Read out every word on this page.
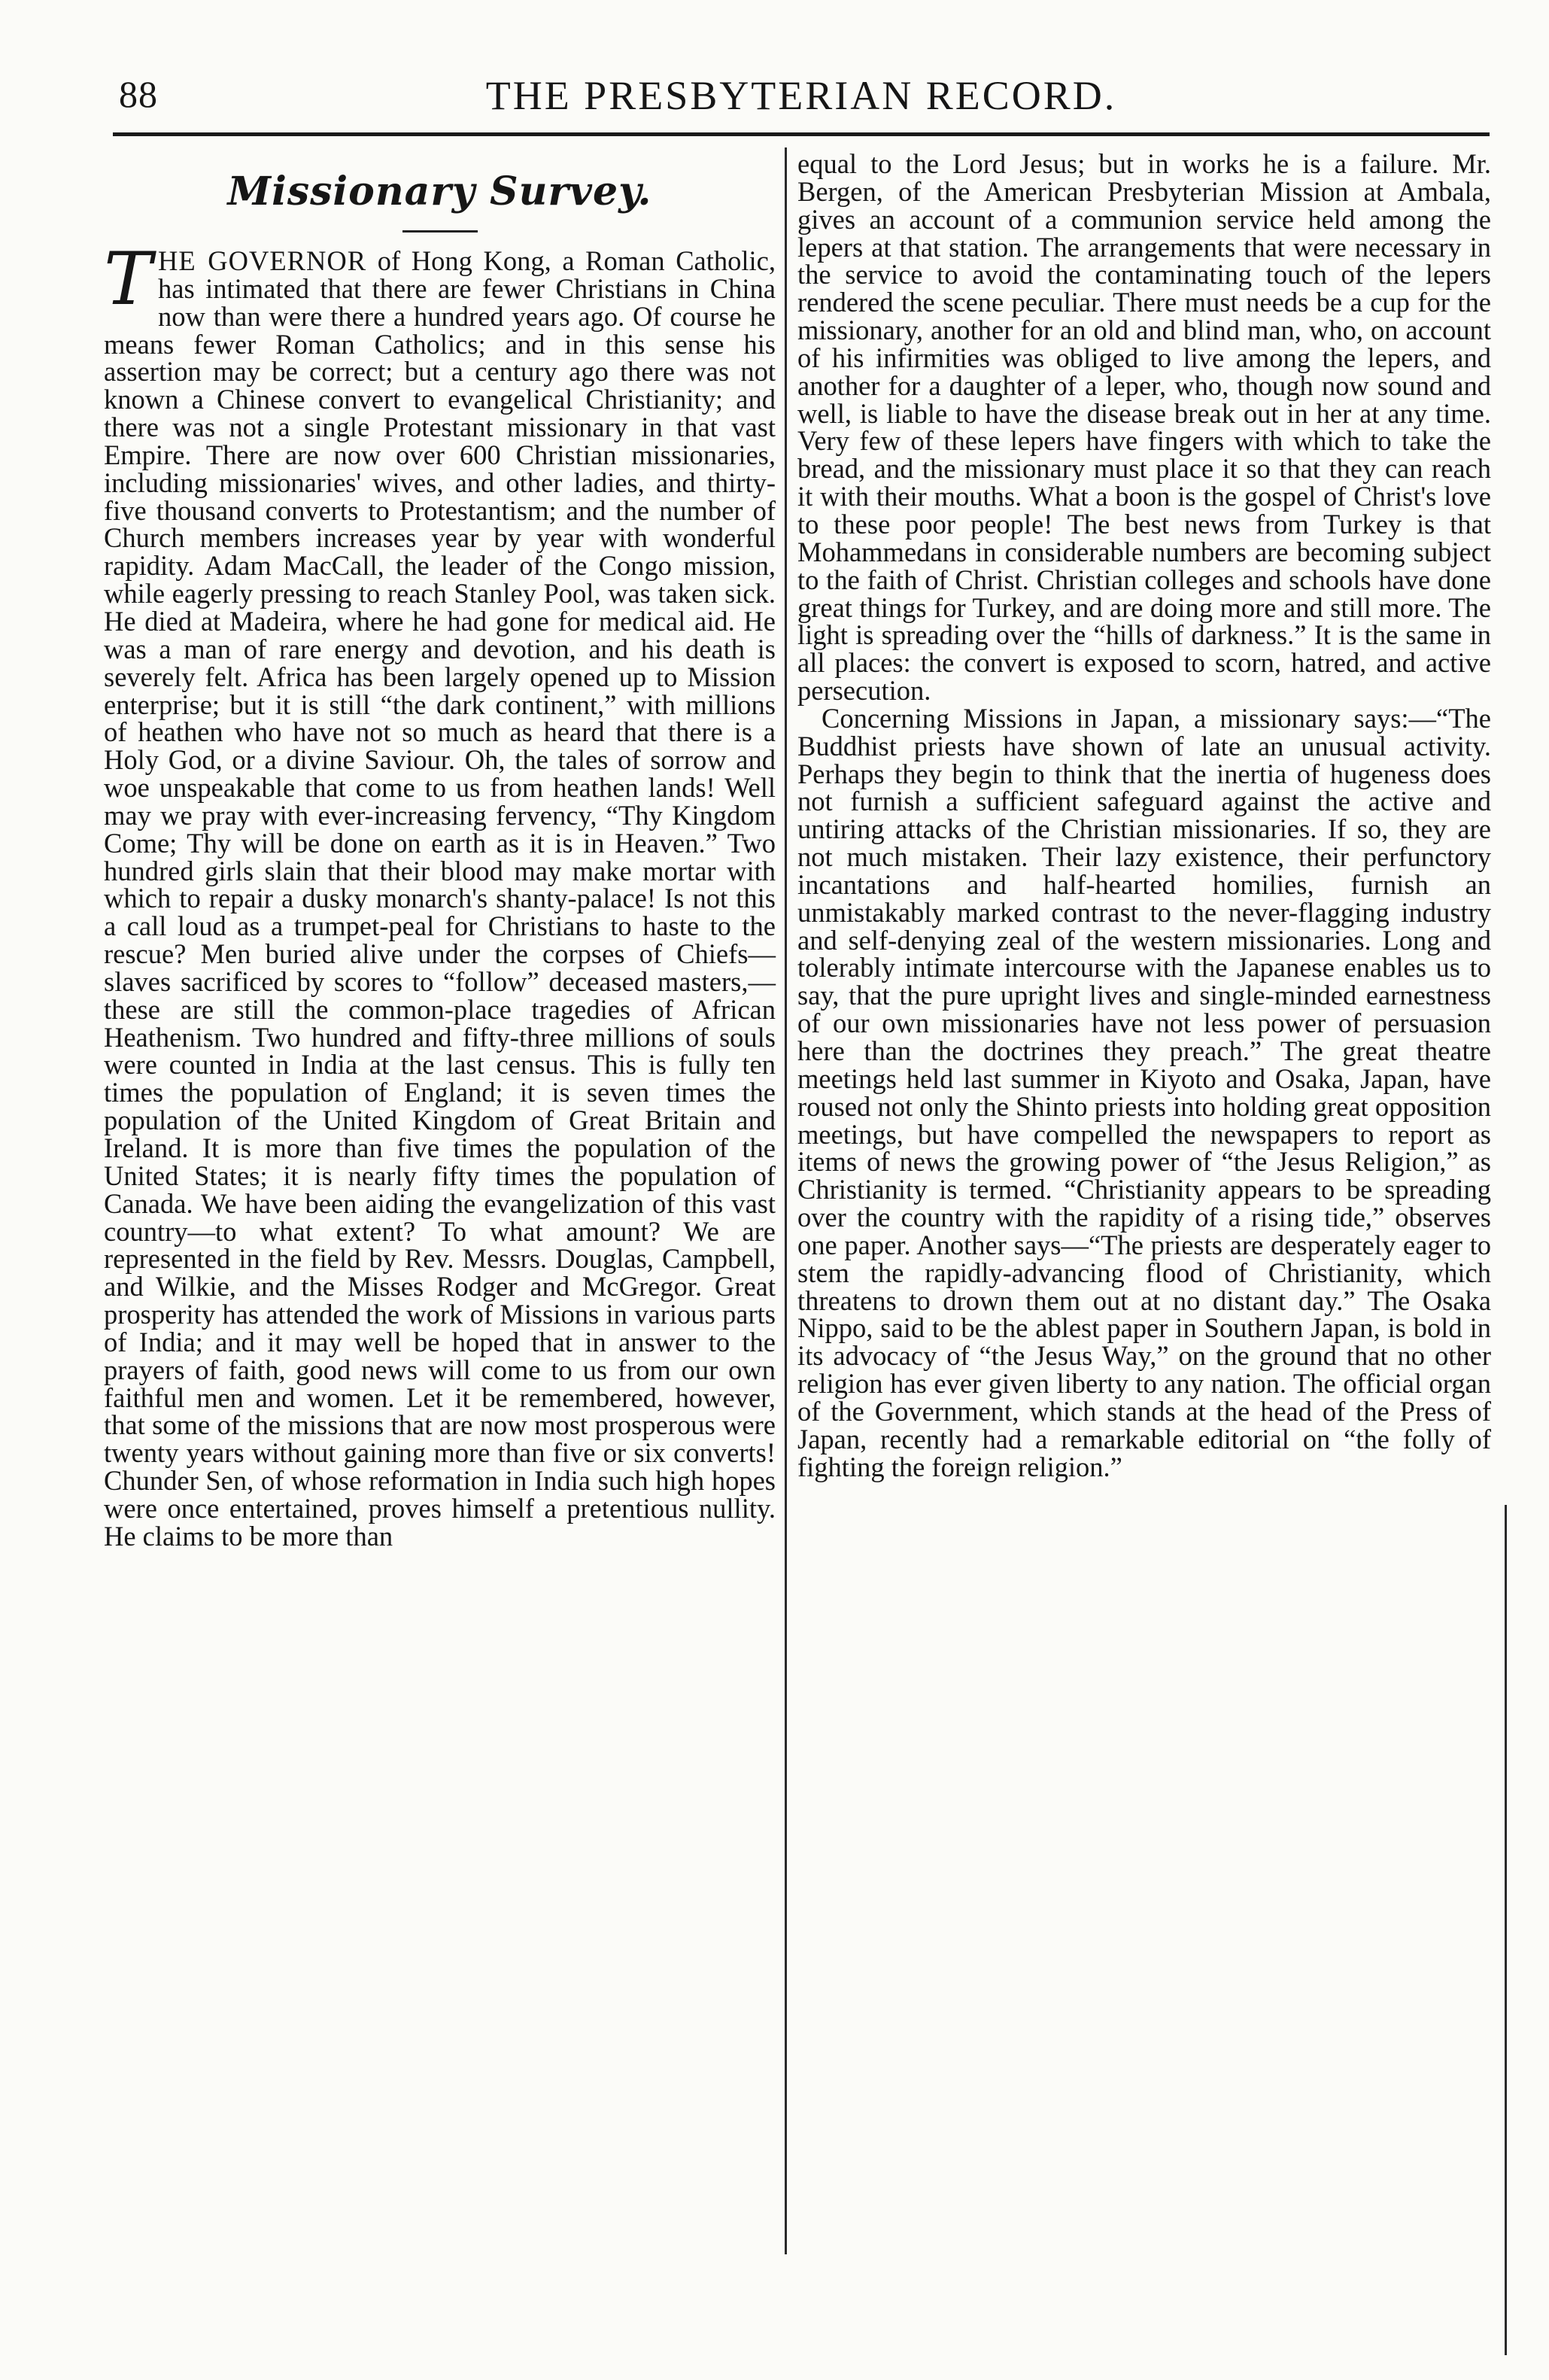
88	THE PRESBYTERIAN RECORD.
Missionary Survey.

THE GOVERNOR of Hong Kong, a Roman Catholic, has intimated that there are fewer Christians in China now than were there a hundred years ago. Of course he means fewer Roman Catholics; and in this sense his assertion may be correct; but a century ago there was not known a Chinese convert to evangelical Christianity; and there was not a single Protestant missionary in that vast Empire. There are now over 600 Christian missionaries, including missionaries' wives, and other ladies, and thirty-five thousand converts to Protestantism; and the number of Church members increases year by year with wonderful rapidity. Adam MacCall, the leader of the Congo mission, while eagerly pressing to reach Stanley Pool, was taken sick. He died at Madeira, where he had gone for medical aid. He was a man of rare energy and devotion, and his death is severely felt. Africa has been largely opened up to Mission enterprise; but it is still “the dark continent,” with millions of heathen who have not so much as heard that there is a Holy God, or a divine Saviour. Oh, the tales of sorrow and woe unspeakable that come to us from heathen lands! Well may we pray with ever-increasing fervency, “Thy Kingdom Come; Thy will be done on earth as it is in Heaven.” Two hundred girls slain that their blood may make mortar with which to repair a dusky monarch's shanty-palace! Is not this a call loud as a trumpet-peal for Christians to haste to the rescue? Men buried alive under the corpses of Chiefs—slaves sacrificed by scores to “follow” deceased masters,—these are still the common-place tragedies of African Heathenism. Two hundred and fifty-three millions of souls were counted in India at the last census. This is fully ten times the population of England; it is seven times the population of the United Kingdom of Great Britain and Ireland. It is more than five times the population of the United States; it is nearly fifty times the population of Canada. We have been aiding the evangelization of this vast country—to what extent? To what amount? We are represented in the field by Rev. Messrs. Douglas, Campbell, and Wilkie, and the Misses Rodger and McGregor. Great prosperity has attended the work of Missions in various parts of India; and it may well be hoped that in answer to the prayers of faith, good news will come to us from our own faithful men and women. Let it be remembered, however, that some of the missions that are now most prosperous were twenty years without gaining more than five or six converts! Chunder Sen, of whose reformation in India such high hopes were once entertained, proves himself a pretentious nullity. He claims to be more than

equal to the Lord Jesus; but in works he is a failure. Mr. Bergen, of the American Presbyterian Mission at Ambala, gives an account of a communion service held among the lepers at that station. The arrangements that were necessary in the service to avoid the contaminating touch of the lepers rendered the scene peculiar. There must needs be a cup for the missionary, another for an old and blind man, who, on account of his infirmities was obliged to live among the lepers, and another for a daughter of a leper, who, though now sound and well, is liable to have the disease break out in her at any time. Very few of these lepers have fingers with which to take the bread, and the missionary must place it so that they can reach it with their mouths. What a boon is the gospel of Christ's love to these poor people! The best news from Turkey is that Mohammedans in considerable numbers are becoming subject to the faith of Christ. Christian colleges and schools have done great things for Turkey, and are doing more and still more. The light is spreading over the “hills of darkness.” It is the same in all places: the convert is exposed to scorn, hatred, and active persecution.

Concerning Missions in Japan, a missionary says:—“The Buddhist priests have shown of late an unusual activity. Perhaps they begin to think that the inertia of hugeness does not furnish a sufficient safeguard against the active and untiring attacks of the Christian missionaries. If so, they are not much mistaken. Their lazy existence, their perfunctory incantations and half-hearted homilies, furnish an unmistakably marked contrast to the never-flagging industry and self-denying zeal of the western missionaries. Long and tolerably intimate intercourse with the Japanese enables us to say, that the pure upright lives and single-minded earnestness of our own missionaries have not less power of persuasion here than the doctrines they preach.” The great theatre meetings held last summer in Kiyoto and Osaka, Japan, have roused not only the Shinto priests into holding great opposition meetings, but have compelled the newspapers to report as items of news the growing power of “the Jesus Religion,” as Christianity is termed. “Christianity appears to be spreading over the country with the rapidity of a rising tide,” observes one paper. Another says—“The priests are desperately eager to stem the rapidly-advancing flood of Christianity, which threatens to drown them out at no distant day.” The Osaka Nippo, said to be the ablest paper in Southern Japan, is bold in its advocacy of “the Jesus Way,” on the ground that no other religion has ever given liberty to any nation. The official organ of the Government, which stands at the head of the Press of Japan, recently had a remarkable editorial on “the folly of fighting the foreign religion.”
